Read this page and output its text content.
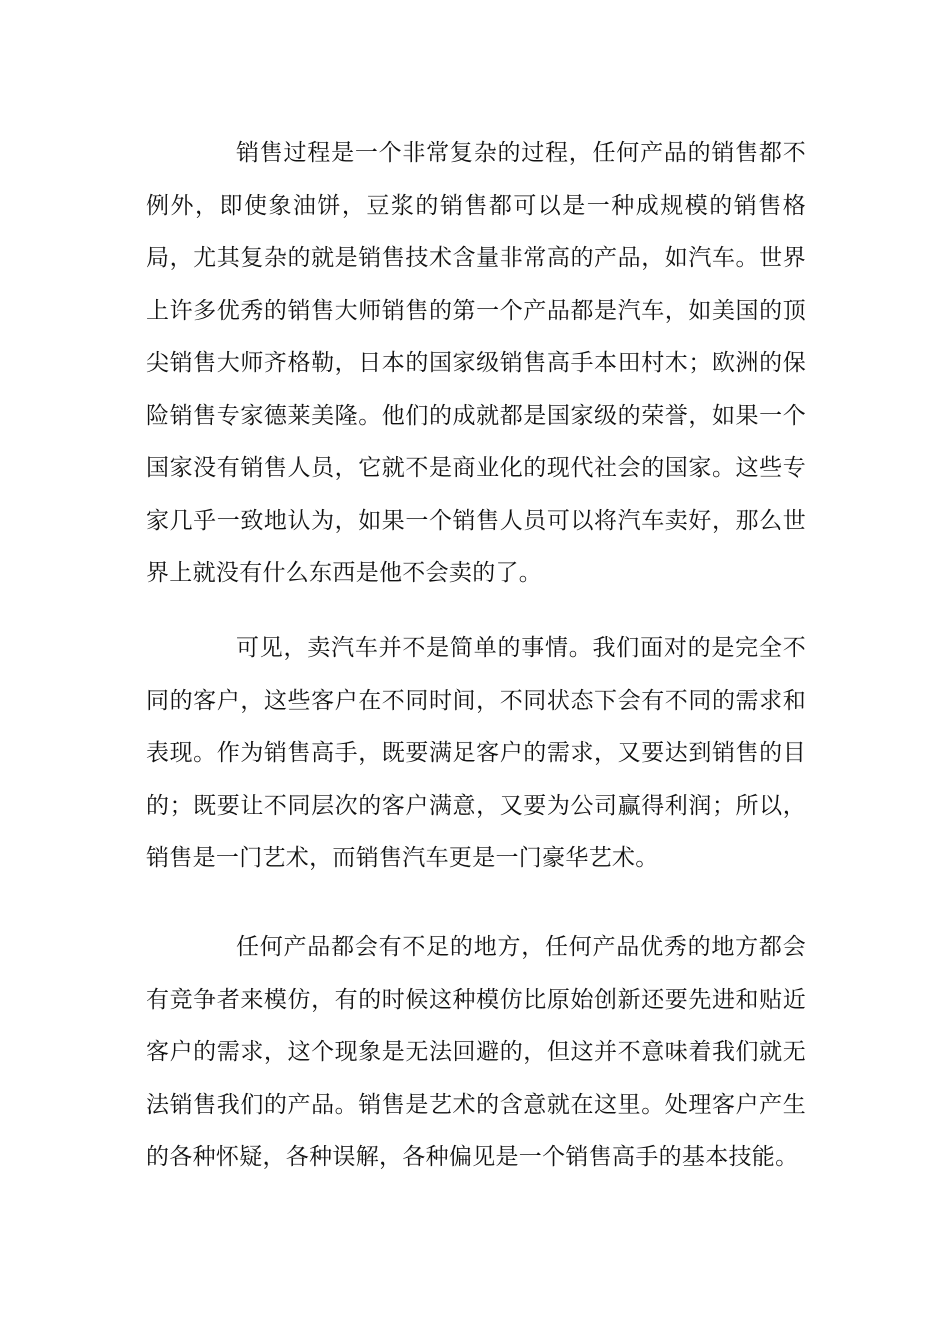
销售过程是一个非常复杂的过程，任何产品的销售都不例外，即使象油饼，豆浆的销售都可以是一种成规模的销售格局，尤其复杂的就是销售技术含量非常高的产品，如汽车。世界上许多优秀的销售大师销售的第一个产品都是汽车，如美国的顶尖销售大师齐格勒，日本的国家级销售高手本田村木；欧洲的保险销售专家德莱美隆。他们的成就都是国家级的荣誉，如果一个国家没有销售人员，它就不是商业化的现代社会的国家。这些专家几乎一致地认为，如果一个销售人员可以将汽车卖好，那么世界上就没有什么东西是他不会卖的了。

可见，卖汽车并不是简单的事情。我们面对的是完全不同的客户，这些客户在不同时间，不同状态下会有不同的需求和表现。作为销售高手，既要满足客户的需求，又要达到销售的目的；既要让不同层次的客户满意，又要为公司赢得利润；所以，销售是一门艺术，而销售汽车更是一门豪华艺术。

任何产品都会有不足的地方，任何产品优秀的地方都会有竞争者来模仿，有的时候这种模仿比原始创新还要先进和贴近客户的需求，这个现象是无法回避的，但这并不意味着我们就无法销售我们的产品。销售是艺术的含意就在这里。处理客户产生的各种怀疑，各种误解，各种偏见是一个销售高手的基本技能。
